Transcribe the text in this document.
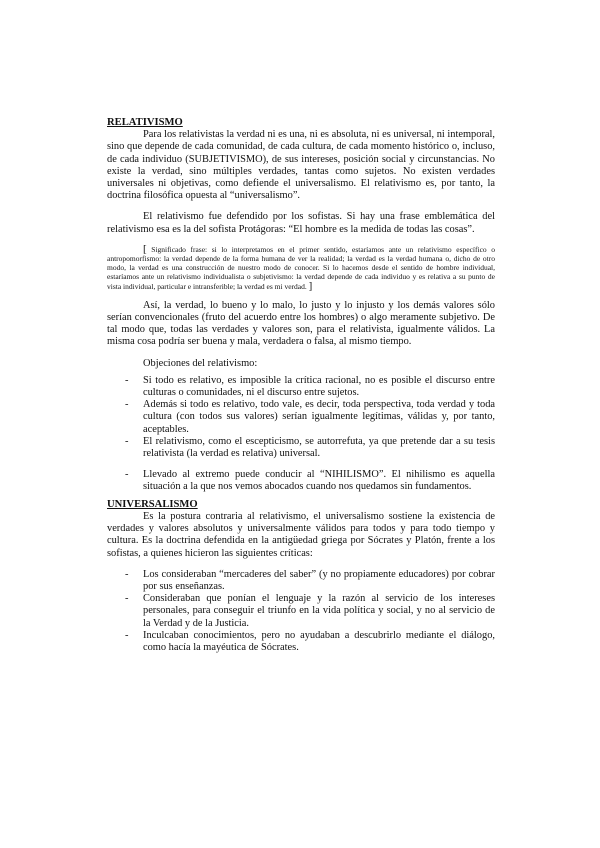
RELATIVISMO

Para los relativistas la verdad ni es una, ni es absoluta, ni es universal, ni intemporal, sino que depende de cada comunidad, de cada cultura, de cada momento histórico o, incluso, de cada individuo (SUBJETIVISMO), de sus intereses, posición social y circunstancias. No existe la verdad, sino múltiples verdades, tantas como sujetos. No existen verdades universales ni objetivas, como defiende el universalismo. El relativismo es, por tanto, la doctrina filosófica opuesta al “universalismo”.

El relativismo fue defendido por los sofistas. Si hay una frase emblemática del relativismo esa es la del sofista Protágoras: “El hombre es la medida de todas las cosas”.

[ Significado frase: si lo interpretamos en el primer sentido, estaríamos ante un relativismo específico o antropomorfismo: la verdad depende de la forma humana de ver la realidad; la verdad es la verdad humana o, dicho de otro modo, la verdad es una construcción de nuestro modo de conocer. Si lo hacemos desde el sentido de hombre individual, estaríamos ante un relativismo individualista o subjetivismo: la verdad depende de cada individuo y es relativa a su punto de vista individual, particular e intransferible; la verdad es mi verdad. ]

Así, la verdad, lo bueno y lo malo, lo justo y lo injusto y los demás valores sólo serían convencionales (fruto del acuerdo entre los hombres) o algo meramente subjetivo. De tal modo que, todas las verdades y valores son, para el relativista, igualmente válidos. La misma cosa podría ser buena y mala, verdadera o falsa, al mismo tiempo.

Objeciones del relativismo:

- Si todo es relativo, es imposible la crítica racional, no es posible el discurso entre culturas o comunidades, ni el discurso entre sujetos.
- Además si todo es relativo, todo vale, es decir, toda perspectiva, toda verdad y toda cultura (con todos sus valores) serían igualmente legítimas, válidas y, por tanto, aceptables.
- El relativismo, como el escepticismo, se autorrefuta, ya que pretende dar a su tesis relativista (la verdad es relativa) universal.
- Llevado al extremo puede conducir al “NIHILISMO”. El nihilismo es aquella situación a la que nos vemos abocados cuando nos quedamos sin fundamentos.

UNIVERSALISMO

Es la postura contraria al relativismo, el universalismo sostiene la existencia de verdades y valores absolutos y universalmente válidos para todos y para todo tiempo y cultura. Es la doctrina defendida en la antigüedad griega por Sócrates y Platón, frente a los sofistas, a quienes hicieron las siguientes críticas:

- Los consideraban “mercaderes del saber” (y no propiamente educadores) por cobrar por sus enseñanzas.
- Consideraban que ponían el lenguaje y la razón al servicio de los intereses personales, para conseguir el triunfo en la vida política y social, y no al servicio de la Verdad y de la Justicia.
- Inculcaban conocimientos, pero no ayudaban a descubrirlo mediante el diálogo, como hacía la mayéutica de Sócrates.
